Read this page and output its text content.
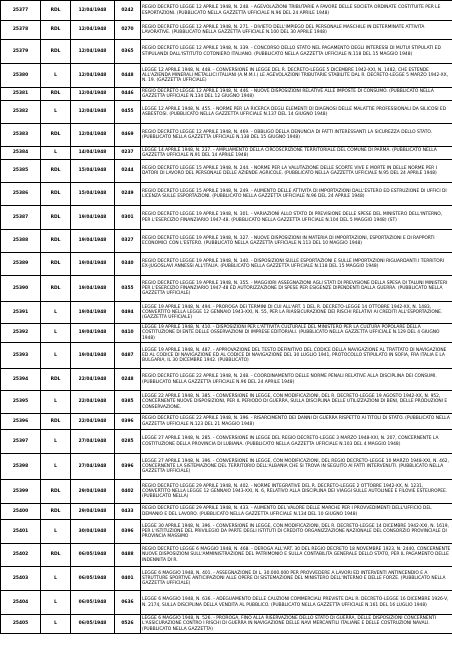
25377	RDL	12/04/1948	0242	REGIO DECRETO LEGGE 12 APRILE 1948, N. 248. - AGEVOLAZIONI TRIBUTARIE A FAVORE DELLE SOCIETA ORDINATE COSTITUITE PER LE ESPORTAZIONI. (PUBBLICATO NELLA GAZZETTA UFFICIALE N.96 DEL 24 APRILE 1948)
25378	RDL	12/04/1948	0270	REGIO DECRETO LEGGE 12 APRILE 1948, N. 271. - DIVIETO DELL'IMPIEGO DEL PERSONALE MASCHILE IN DETERMINATE ATTIVITA LAVORATIVE. (PUBBLICATO NELLA GAZZETTA UFFICIALE N.100 DEL 30 APRILE 1948)
25379	RDL	12/04/1948	0365	REGIO DECRETO LEGGE 12 APRILE 1948, N. 339. - CONCORSO DELLO STATO NEL PAGAMENTO DEGLI INTERESSI DI MUTUI STIPULATI ED STIPULANDI DALL'ISTITUTO COTONIERO ITALIANO. (PUBBLICATO NELLA GAZZETTA UFFICIALE N.118 DEL 15 MAGGIO 1948)
25380	L	12/04/1948	0448	LEGGE 12 APRILE 1948, N. 448. - CONVERSIONE IN LEGGE DEL R. DECRETO-LEGGE 5 DICEMBRE 1942-XXI, N. 1482, CHE ESTENDE ALL'AZIENDA MINERALI METALLICI ITALIANI (A.M.M.I.) LE AGEVOLAZIONI TRIBUTARIE STABILITE DAL R. DECRETO-LEGGE 5 MARZO 1942-XX, N. 19. (GAZZETTA UFFICIALE)
25381	RDL	12/04/1948	0446	REGIO DECRETO LEGGE 12 APRILE 1948, N. 446. - NUOVE DISPOSIZIONI RELATIVE ALLE IMPOSTE DI CONSUMO. (PUBBLICATO NELLA GAZZETTA UFFICIALE N.134 DEL 12 GIUGNO 1948)
25382	L	12/04/1948	0455	LEGGE 12 APRILE 1948, N. 455. - NORME PER LA RICERCA DEGLI ELEMENTI DI DIAGNOSI DELLE MALATTIE PROFESSIONALI DA SILICOSI ED ASBESTOSI. (PUBBLICATO NELLA GAZZETTA UFFICIALE N.137 DEL 14 GIUGNO 1948)
25383	RDL	12/04/1948	0469	REGIO DECRETO LEGGE 12 APRILE 1948, N. 469. - OBBLIGO DELLA DENUNCIA DI FATTI INTERESSANTI LA SICUREZZA DELLO STATO. (PUBBLICATO NELLA GAZZETTA UFFICIALE N.138 DEL 15 GIUGNO 1948)
25384	L	14/04/1948	0237	LEGGE 14 APRILE 1948, N. 237. - AMPLIAMENTO DELLA CIRCOSCRIZIONE TERRITORIALE DEL COMUNE DI PARMA. (PUBBLICATO NELLA GAZZETTA UFFICIALE N.91 DEL 14 APRILE 1948)
25385	RDL	15/04/1948	0244	REGIO DECRETO LEGGE 15 APRILE 1948, N. 244. - NORME PER LA VALUTAZIONE DELLE SCORTE VIVE E MORTE IN DELLE NORME PER I DATORI DI LAVORO DEL PERSONALE DELLE AZIENDE AGRICOLE. (PUBBLICATO NELLA GAZZETTA UFFICIALE N.95 DEL 24 APRILE 1948)
25386	RDL	15/04/1948	0249	REGIO DECRETO LEGGE 15 APRILE 1948, N. 249. - AUMENTO DELLE ATTIVITA DI IMPORTAZIONI DALL'ESTERO ED ESTRUZIONE DI UFFICI DI LICENZA SULLE ESPORTAZIONI. (PUBBLICATO NELLA GAZZETTA UFFICIALE N.96 DEL 24 APRILE 1948)
25387	RDL	19/04/1948	0301	REGIO DECRETO LEGGE 19 APRILE 1948, N. 301. - VARIAZIONI ALLO STATO DI PREVISIONE DELLE SPESE DEL MINISTERO DELL'INTERNO, PER L'ESERCIZIO FINANZIARIO 1947-48. (PUBBLICATO NELLA GAZZETTA UFFICIALE N.104 DEL 5 MAGGIO 1948) (ST)
25388	RDL	19/04/1948	0327	REGIO DECRETO LEGGE 19 APRILE 1948, N. 327. - NUOVE DISPOSIZIONI IN MATERIA DI IMPORTAZIONI, ESPORTAZIONI E DI RAPPORTI ECONOMICI CON L'ESTERO. (PUBBLICATO NELLA GAZZETTA UFFICIALE N.113 DEL 10 MAGGIO 1948)
25389	RDL	19/04/1948	0340	REGIO DECRETO LEGGE 19 APRILE 1948, N. 340. - DISPOSIZIONI SULLE ESPORTAZIONI E SULLE IMPORTAZIONI RIGUARDANTI I TERRITORI EX-JUGOSLAVI ANNESSI ALL'ITALIA. (PUBBLICATO NELLA GAZZETTA UFFICIALE N.118 DEL 15 MAGGIO 1948)
25390	RDL	19/04/1948	0355	REGIO DECRETO LEGGE 19 APRILE 1948, N. 355. - MAGGIORI ASSEGNAZIONI AGLI STATI DI PREVISIONE DELLA SPESA DI TALUNI MINISTERI PER L'ESERCIZIO FINANZIARIO 1947-48 ED AUTORIZZAZIONE DI SPESE PER ESIGENZE DIPENDENTI DALLA GUERRA. (PUBBLICATO NELLA GAZZETTA UFFICIALE)
25391	L	19/04/1948	0494	LEGGE 19 APRILE 1948, N. 494. - PROROGA DEI TERMINI DI CUI ALL'ART. 1 DEL R. DECRETO-LEGGE 14 OTTOBRE 1942-XX, N. 1483, CONVERTITO NELLA LEGGE 12 GENNAIO 1943-XXI, N. 55, PER LA RIASSICURAZIONE DEI RISCHI RELATIVI AI CREDITI ALL'ESPORTAZIONE. (GAZZETTA UFFICIALE)
25392	L	19/04/1948	0410	LEGGE 19 APRILE 1948, N. 410. - DISPOSIZIONI PER L'ATTIVITA CULTURALE DEL MINISTERO PER LA CULTURA POPOLARE DELLA COSTITUZIONE DI ENTE DELLE OSSERVAZIONI DI IMPRESE EDITORIALI. (PUBBLICATO NELLA GAZZETTA UFFICIALE N.129 DEL 4 GIUGNO 1948)
25393	L	19/04/1948	0487	LEGGE 19 APRILE 1948, N. 487. - APPROVAZIONE DEL TESTO DEFINITIVO DEL CODICE DELLA NAVIGAZIONE AL TRATTATO DI NAVIGAZIONE ED AL CODICE DI NAVIGAZIONE ED AL CODICE DI NAVIGAZIONE DEL 30 LUGLIO 1941, PROTOCOLLO STIPULATO IN SOFIA, FRA ITALIA E LA BULGARIA, IL 30 DICEMBRE 1942. (PUBBLICATO)
25394	RDL	22/04/1948	0248	REGIO DECRETO LEGGE 22 APRILE 1948, N. 248. - COORDINAMENTO DELLE NORME PENALI RELATIVE ALLA DISCIPLINA DEI CONSUMI. (PUBBLICATO NELLA GAZZETTA UFFICIALE N.96 DEL 24 APRILE 1948)
25395	L	22/04/1948	0385	LEGGE 22 APRILE 1948, N. 385. - CONVERSIONE IN LEGGE, CON MODIFICAZIONI, DEL R. DECRETO-LEGGE 19 AGOSTO 1942-XX, N. 952, CONCERNENTE NUOVE DISPOSIZIONI, PER IL PERIODO DI GUERRA, SULLA DISCIPLINA DELLE UTILIZZAZIONI DI BENI, DELLE PRODUZIONI E CONSERVAZIONE.
25396	RDL	22/04/1948	0396	REGIO DECRETO LEGGE 22 APRILE 1948, N. 396. - RISARCIMENTO DEI DANNI DI GUERRA RISPETTO AI TITOLI DI STATO. (PUBBLICATO NELLA GAZZETTA UFFICIALE N.123 DEL 21 MAGGIO 1948)
25397	L	27/04/1948	0285	LEGGE 27 APRILE 1948, N. 285. - CONVERSIONE IN LEGGE DEL REGIO DECRETO-LEGGE 3 MARZO 1948-XXI, N. 207, CONCERNENTE LA COSTITUZIONE DELLA PROVINCIA DI LUBIANA. (PUBBLICATO NELLA GAZZETTA UFFICIALE N.103 DEL 4 MAGGIO 1948)
25398	L	27/04/1948	0396	LEGGE 27 APRILE 1948, N. 396. - CONVERSIONE IN LEGGE, CON MODIFICAZIONI, DEL REGIO DECRETO-LEGGE 10 MARZO 1948-XXI, N. 462, CONCERNENTE LA SISTEMAZIONE DEL TERRITORIO DELL'ALBANIA CHE SI TROVA IN SEGUITO AI FATTI INTERVENUTI. (PUBBLICATO NELLA GAZZETTA UFFICIALE)
25399	RDL	29/04/1948	0402	REGIO DECRETO LEGGE 29 APRILE 1948, N. 402. - NORME INTEGRATIVE DEL R. DECRETO-LEGGE 2 OTTOBRE 1942-XX, N. 1231, CONVERTITO NELLA LEGGE 12 GENNAIO 1943-XXI, N. 6, RELATIVO ALLA DISCIPLINA DEI VIAGGI SULLE AUTOLINEE E FILOVIE ESTEUROPEE. (PUBBLICATO NELLA)
25400	RDL	29/04/1948	0433	REGIO DECRETO LEGGE 29 APRILE 1948, N. 433. - AUMENTO DEL VALORE DELLE MARCHE PER I PROVVEDIMENTI DELL'UFFICIO DEL DEMANIO E DEL LAVORO. (PUBBLICATO NELLA GAZZETTA UFFICIALE N.134 DEL 10 GIUGNO 1948)
25401	L	30/04/1948	0396	LEGGE 30 APRILE 1948, N. 396. - CONVERSIONE IN LEGGE, CON MODIFICAZIONI, DEL R. DECRETO-LEGGE 14 DICEMBRE 1942-XXI, N. 1619, PER L'ISTITUZIONE DEL PRIVILEGIO DA PARTE DEGLI ISTITUTI DI CREDITO ORGANIZZAZIONE NAZIONALE DEL CONSORZIO PROVINCIALE DI PROVINCIA MASSIMO
25402	RDL	06/05/1948	0488	REGIO DECRETO LEGGE 6 MAGGIO 1948, N. 468. - DEROGA ALL'ART. 30 DEL REGIO DECRETO 18 NOVEMBRE 1923, N. 2440, CONCERNENTE NUOVE DISPOSIZIONI SULL'AMMINISTRAZIONE DEL PATRIMONIO E SULLA CONTABILITA GENERALE DELLO STATO, PER IL PAGAMENTO DELLE INDENNITA DI R.
25403	L	06/05/1948	0401	LEGGE 6 MAGGIO 1948, N. 401. - ASSEGNAZIONE DI L. 30.000.000 PER PROVVEDERE A LAVORI ED INTERVENTI ANTINCENDIO E A STRUTTURE SPORTIVE ANTICIPAZIONI ALLE OPERE DI SISTEMAZIONE DEL MINISTERO DELL'INTERNO E DELLE FORZE. (PUBBLICATO NELLA GAZZETTA UFFICIALE)
25404	L	06/05/1948	0636	LEGGE 6 MAGGIO 1948, N. 636. - ADEGUAMENTO DELLE CAUZIONI COMMERCIALI PREVISTE DAL R. DECRETO-LEGGE 16 DICEMBRE 1926-V, N. 2174, SULLA DISCIPLINA DELLA VENDITA AL PUBBLICO. (PUBBLICATO NELLA GAZZETTA UFFICIALE N.161 DEL 16 LUGLIO 1948)
25405	L	06/05/1948	0526	LEGGE 6 MAGGIO 1948, N. 526. - PROROGA, FINO ALLA RISERVAZIONE DELLO STATO DI GUERRA, DELLE DISPOSIZIONI CONCERNENTI L'ASSICURAZIONE CONTRO I RISCHI DI GUERRA IN NAVIGAZIONE DELLE NAVI MERCANTILI ITALIANE E DELLE COSTRUZIONI NAVALI. (PUBBLICATO NELLA GAZZETTA)
